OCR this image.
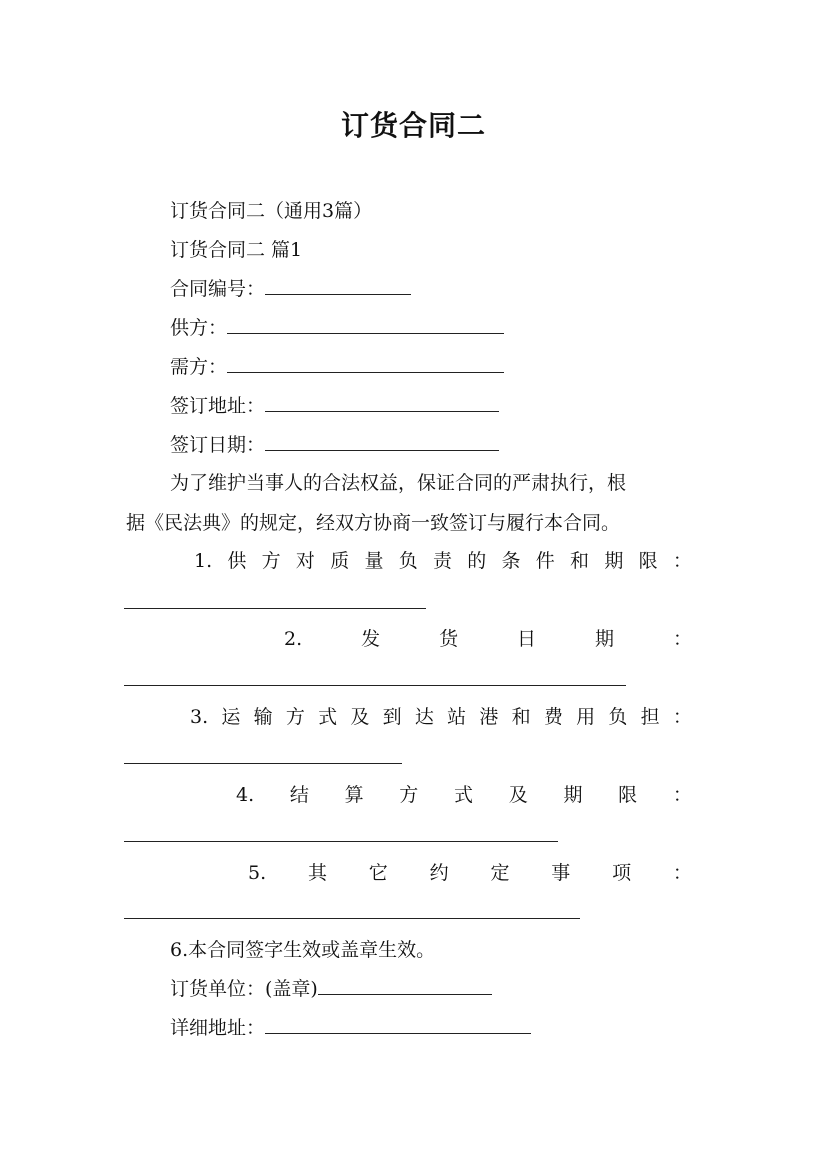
订货合同二
订货合同二（通用3篇）
订货合同二 篇1
合同编号：
供方：
需方：
签订地址：
签订日期：
为了维护当事人的合法权益，保证合同的严肃执行，根
据《民法典》的规定，经双方协商一致签订与履行本合同。
1. 供 方 对 质 量 负 责 的 条 件 和 期 限 ：
2.	发	货	日	期	：
3. 运 输 方 式 及 到 达 站 港 和 费 用 负 担 ：
4. 结 算 方 式 及 期 限 ：
5. 其 它 约 定 事 项 ：
6.本合同签字生效或盖章生效。
订货单位：(盖章)
详细地址：
